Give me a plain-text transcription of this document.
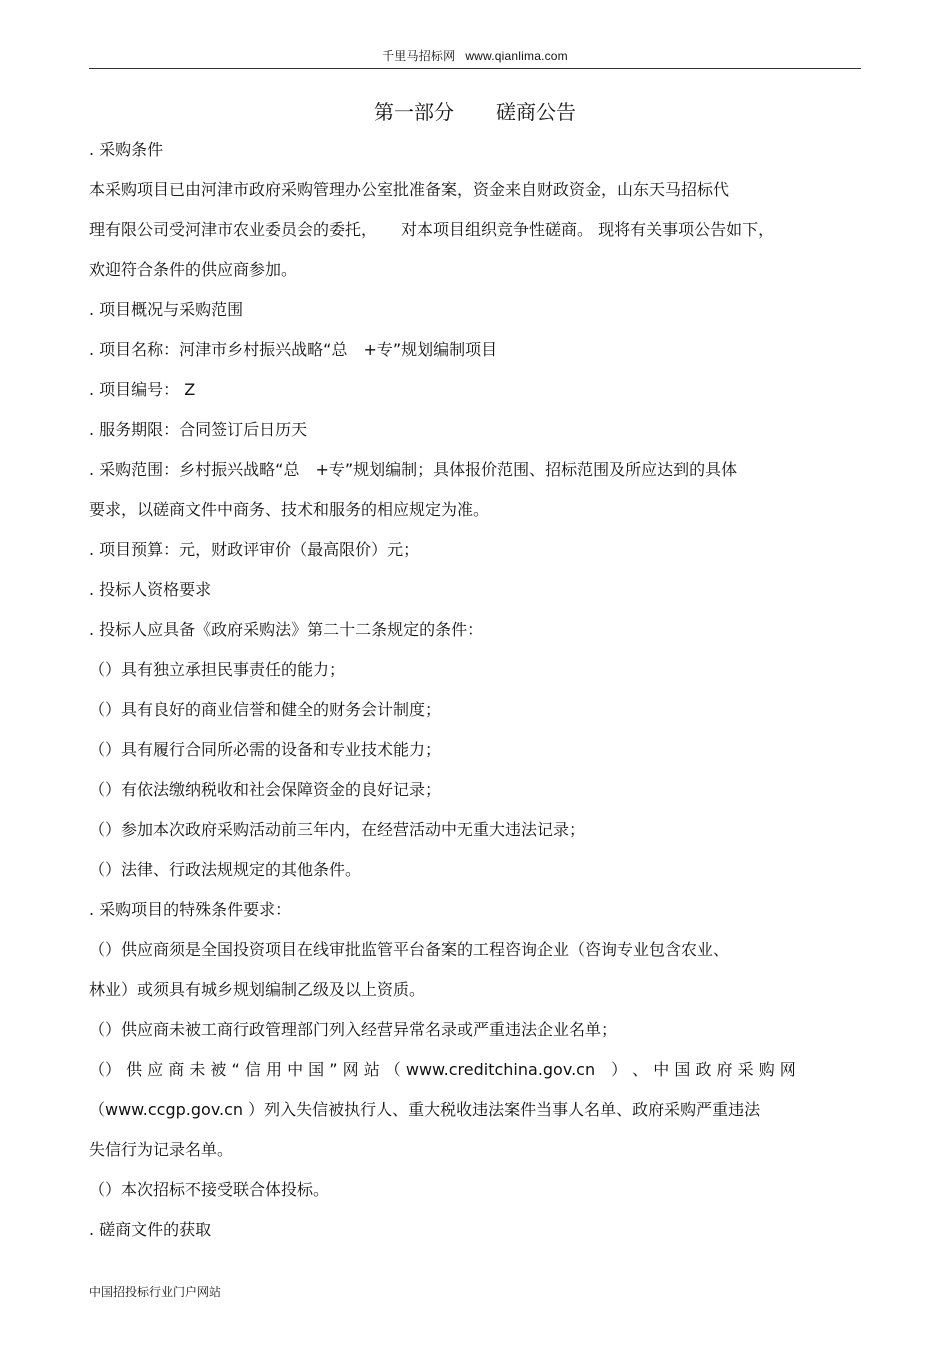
千里马招标网 www.qianlima.com
第一部分 磋商公告
. 采购条件
本采购项目已由河津市政府采购管理办公室批准备案，资金来自财政资金，山东天马招标代
理有限公司受河津市农业委员会的委托，　　对本项目组织竞争性磋商。 现将有关事项公告如下，
欢迎符合条件的供应商参加。
. 项目概况与采购范围
. 项目名称：河津市乡村振兴战略“总　+专”规划编制项目
. 项目编号： Z
. 服务期限：合同签订后日历天
. 采购范围：乡村振兴战略“总　+专”规划编制；具体报价范围、招标范围及所应达到的具体
要求，以磋商文件中商务、技术和服务的相应规定为准。
. 项目预算：元，财政评审价（最高限价）元；
. 投标人资格要求
. 投标人应具备《政府采购法》第二十二条规定的条件：
（）具有独立承担民事责任的能力；
（）具有良好的商业信誉和健全的财务会计制度；
（）具有履行合同所必需的设备和专业技术能力；
（）有依法缴纳税收和社会保障资金的良好记录；
（）参加本次政府采购活动前三年内，在经营活动中无重大违法记录；
（）法律、行政法规规定的其他条件。
. 采购项目的特殊条件要求：
（）供应商须是全国投资项目在线审批监管平台备案的工程咨询企业（咨询专业包含农业、
林业）或须具有城乡规划编制乙级及以上资质。
（）供应商未被工商行政管理部门列入经营异常名录或严重违法企业名单；
（） 供 应 商 未 被 “ 信 用 中 国 ” 网 站 （ www.creditchina.gov.cn　） 、 中 国 政 府 采 购 网
（www.ccgp.gov.cn ）列入失信被执行人、重大税收违法案件当事人名单、政府采购严重违法
失信行为记录名单。
（）本次招标不接受联合体投标。
. 磋商文件的获取
中国招投标行业门户网站
